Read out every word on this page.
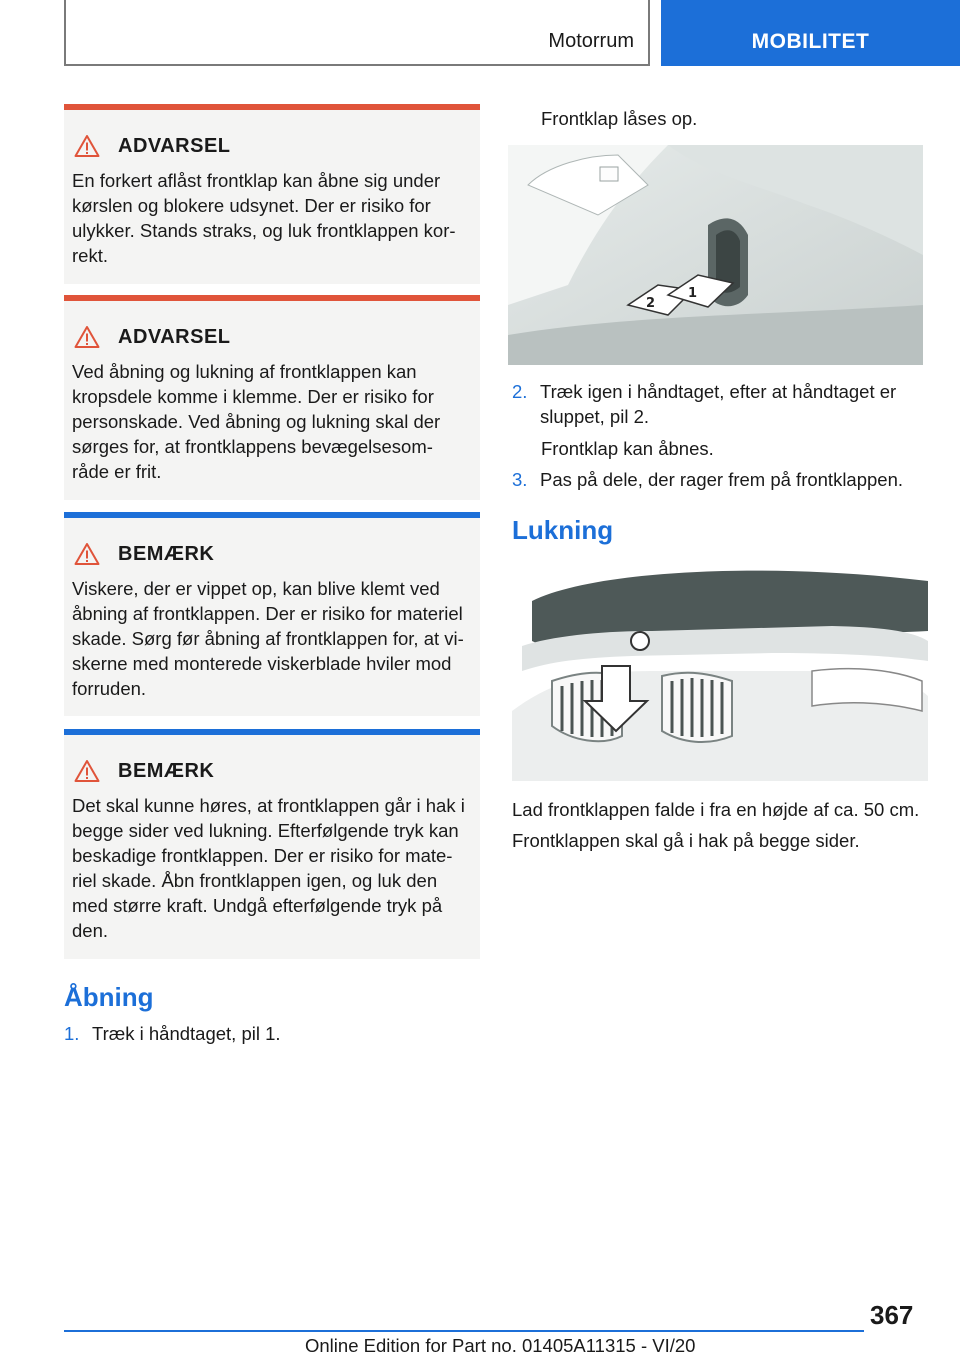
Motorrum	MOBILITET
ADVARSEL
En forkert aflåst frontklap kan åbne sig under
kørslen og blokere udsynet. Der er risiko for
ulykker. Stands straks, og luk frontklappen kor-
rekt.
ADVARSEL
Ved åbning og lukning af frontklappen kan
kropsdele komme i klemme. Der er risiko for
personskade. Ved åbning og lukning skal der
sørges for, at frontklappens bevægelsesom-
råde er frit.
BEMÆRK
Viskere, der er vippet op, kan blive klemt ved
åbning af frontklappen. Der er risiko for materiel
skade. Sørg før åbning af frontklappen for, at vi-
skerne med monterede viskerblade hviler mod
forruden.
BEMÆRK
Det skal kunne høres, at frontklappen går i hak i
begge sider ved lukning. Efterfølgende tryk kan
beskadige frontklappen. Der er risiko for mate-
riel skade. Åbn frontklappen igen, og luk den
med større kraft. Undgå efterfølgende tryk på
den.
Åbning
1. Træk i håndtaget, pil 1.
Frontklap låses op.
2
1
2. Træk igen i håndtaget, efter at håndtaget er
sluppet, pil 2.
Frontklap kan åbnes.
3. Pas på dele, der rager frem på frontklappen.
Lukning
Lad frontklappen falde i fra en højde af ca. 50 cm.
Frontklappen skal gå i hak på begge sider.
367
Online Edition for Part no. 01405A11315 - VI/20
